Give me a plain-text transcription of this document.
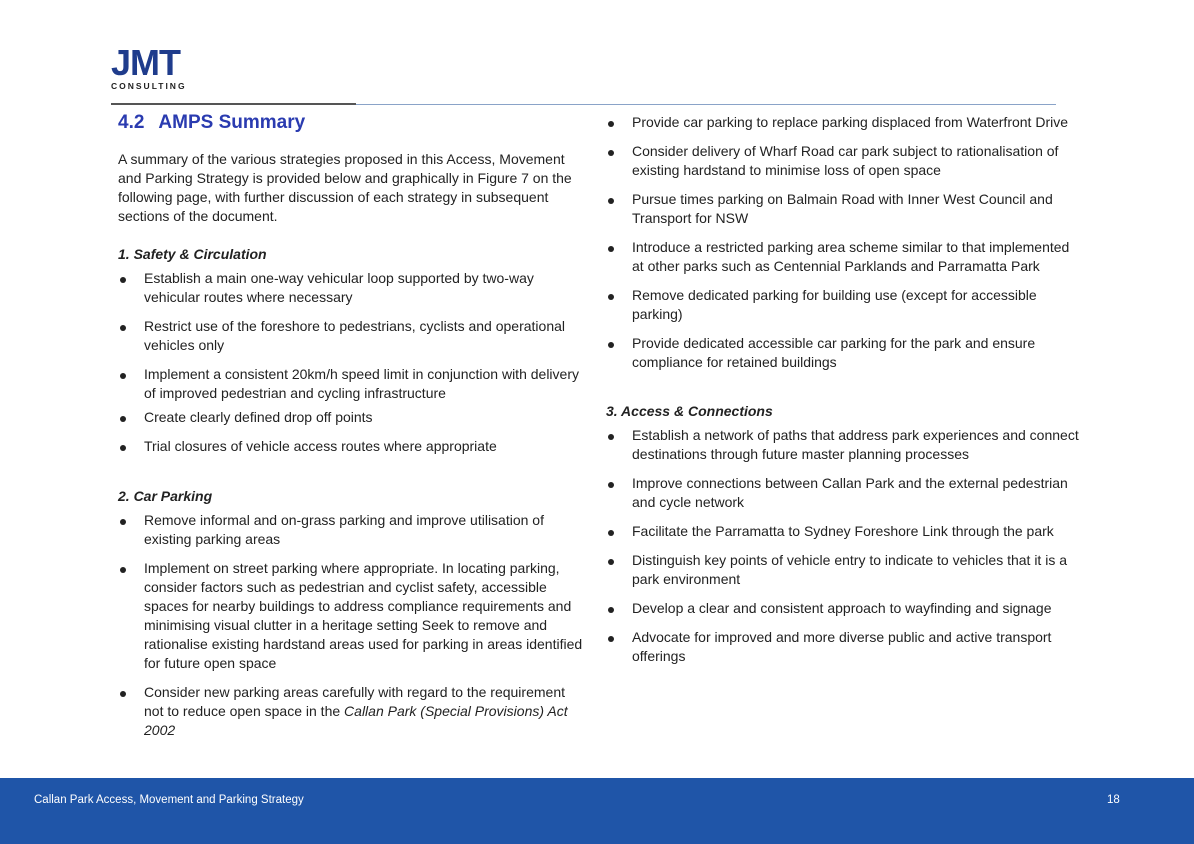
JMT
CONSULTING
4.2 AMPS Summary

A summary of the various strategies proposed in this Access, Movement and Parking Strategy is provided below and graphically in Figure 7 on the following page, with further discussion of each strategy in subsequent sections of the document.

1. Safety & Circulation

Establish a main one-way vehicular loop supported by two-way vehicular routes where necessary
Restrict use of the foreshore to pedestrians, cyclists and operational vehicles only
Implement a consistent 20km/h speed limit in conjunction with delivery of improved pedestrian and cycling infrastructure
Create clearly defined drop off points
Trial closures of vehicle access routes where appropriate

2. Car Parking

Remove informal and on-grass parking and improve utilisation of existing parking areas
Implement on street parking where appropriate. In locating parking, consider factors such as pedestrian and cyclist safety, accessible spaces for nearby buildings to address compliance requirements and minimising visual clutter in a heritage setting Seek to remove and rationalise existing hardstand areas used for parking in areas identified for future open space
Consider new parking areas carefully with regard to the requirement not to reduce open space in the Callan Park (Special Provisions) Act 2002
Provide car parking to replace parking displaced from Waterfront Drive
Consider delivery of Wharf Road car park subject to rationalisation of existing hardstand to minimise loss of open space
Pursue times parking on Balmain Road with Inner West Council and Transport for NSW
Introduce a restricted parking area scheme similar to that implemented at other parks such as Centennial Parklands and Parramatta Park
Remove dedicated parking for building use (except for accessible parking)
Provide dedicated accessible car parking for the park and ensure compliance for retained buildings

3. Access & Connections

Establish a network of paths that address park experiences and connect destinations through future master planning processes
Improve connections between Callan Park and the external pedestrian and cycle network
Facilitate the Parramatta to Sydney Foreshore Link through the park
Distinguish key points of vehicle entry to indicate to vehicles that it is a park environment
Develop a clear and consistent approach to wayfinding and signage
Advocate for improved and more diverse public and active transport offerings
Callan Park Access, Movement and Parking Strategy	18
